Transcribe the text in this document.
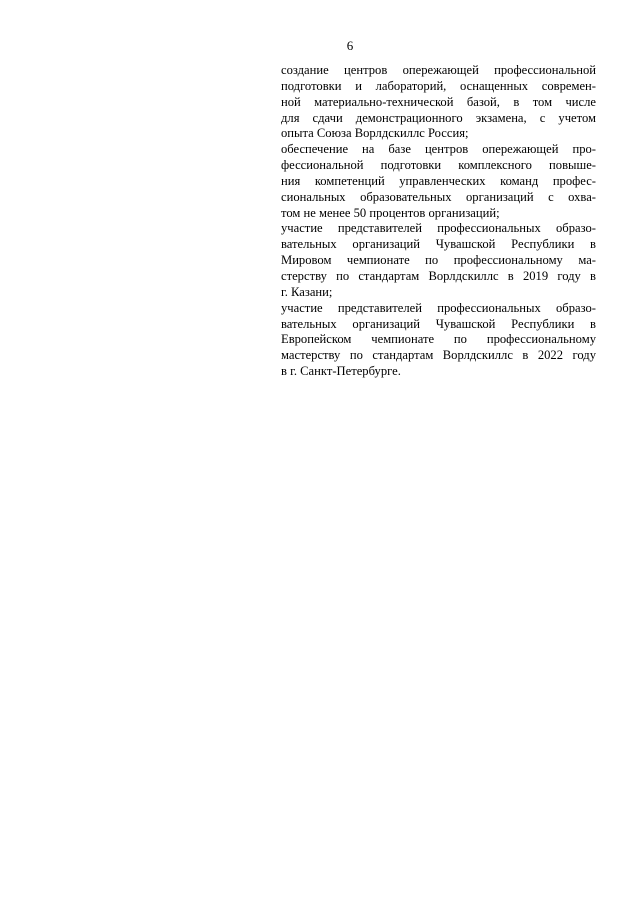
6
создание центров опережающей профессиональной
подготовки и лабораторий, оснащенных современ-
ной материально-технической базой, в том числе
для сдачи демонстрационного экзамена, с учетом
опыта Союза Ворлдскиллс Россия;
обеспечение на базе центров опережающей про-
фессиональной подготовки комплексного повыше-
ния компетенций управленческих команд профес-
сиональных образовательных организаций с охва-
том не менее 50 процентов организаций;
участие представителей профессиональных образо-
вательных организаций Чувашской Республики в
Мировом чемпионате по профессиональному ма-
стерству по стандартам Ворлдскиллс в 2019 году в
г. Казани;
участие представителей профессиональных образо-
вательных организаций Чувашской Республики в
Европейском чемпионате по профессиональному
мастерству по стандартам Ворлдскиллс в 2022 году
в г. Санкт-Петербурге.
